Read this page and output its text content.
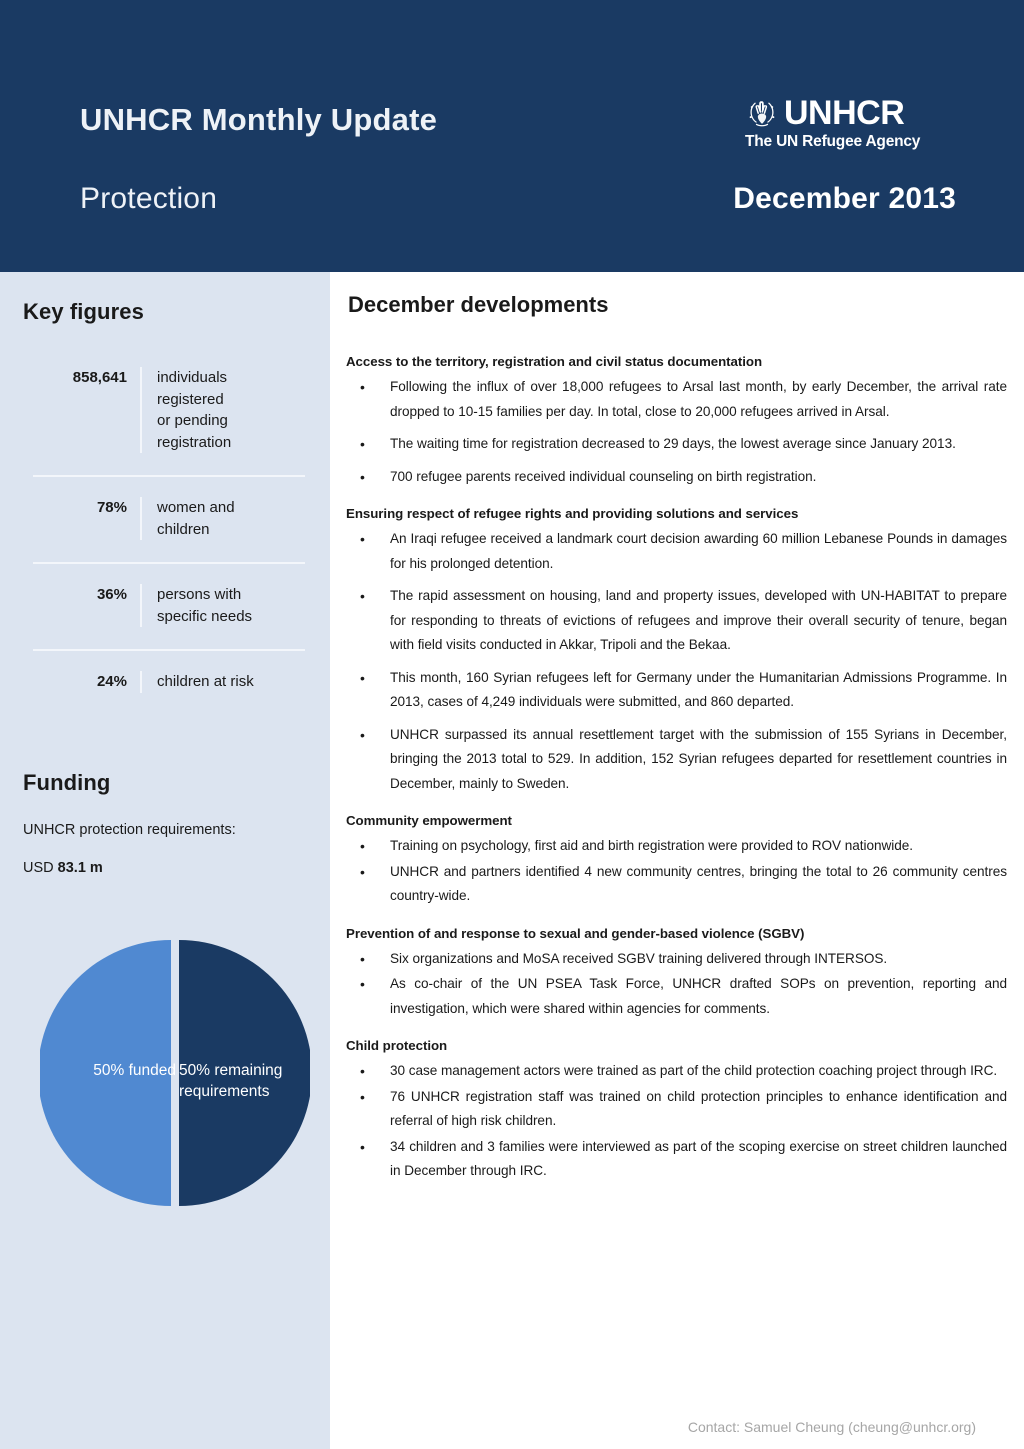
UNHCR Monthly Update
Protection	December 2013
UNHCR
The UN Refugee Agency
Key figures
858,641	individuals
registered
or pending
registration
78%	women and
children
36%	persons with
specific needs
24%	children at risk
Funding
UNHCR protection requirements:
USD 83.1 m
50% funded 50% remaining
requirements
December developments
Access to the territory, registration and civil status documentation
• Following the influx of over 18,000 refugees to Arsal last month, by early December, the arrival rate dropped to 10-15 families per day. In total, close to 20,000 refugees arrived in Arsal.
• The waiting time for registration decreased to 29 days, the lowest average since January 2013.
• 700 refugee parents received individual counseling on birth registration.
Ensuring respect of refugee rights and providing solutions and services
• An Iraqi refugee received a landmark court decision awarding 60 million Lebanese Pounds in damages for his prolonged detention.
• The rapid assessment on housing, land and property issues, developed with UN-HABITAT to prepare for responding to threats of evictions of refugees and improve their overall security of tenure, began with field visits conducted in Akkar, Tripoli and the Bekaa.
• This month, 160 Syrian refugees left for Germany under the Humanitarian Admissions Programme. In 2013, cases of 4,249 individuals were submitted, and 860 departed.
• UNHCR surpassed its annual resettlement target with the submission of 155 Syrians in December, bringing the 2013 total to 529. In addition, 152 Syrian refugees departed for resettlement countries in December, mainly to Sweden.
Community empowerment
• Training on psychology, first aid and birth registration were provided to ROV nationwide.
• UNHCR and partners identified 4 new community centres, bringing the total to 26 community centres country-wide.
Prevention of and response to sexual and gender-based violence (SGBV)
• Six organizations and MoSA received SGBV training delivered through INTERSOS.
• As co-chair of the UN PSEA Task Force, UNHCR drafted SOPs on prevention, reporting and investigation, which were shared within agencies for comments.
Child protection
• 30 case management actors were trained as part of the child protection coaching project through IRC.
• 76 UNHCR registration staff was trained on child protection principles to enhance identification and referral of high risk children.
• 34 children and 3 families were interviewed as part of the scoping exercise on street children launched in December through IRC.
Contact: Samuel Cheung (cheung@unhcr.org)
